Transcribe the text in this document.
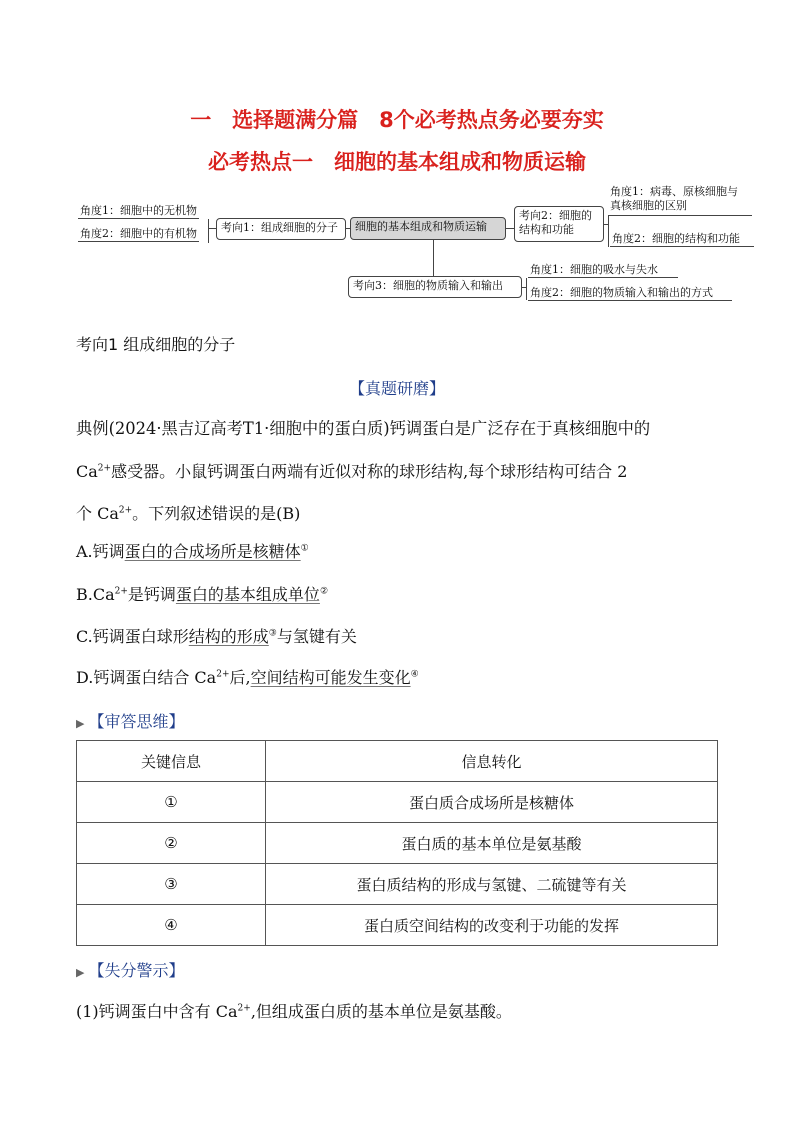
一　选择题满分篇　8个必考热点务必要夯实
必考热点一　细胞的基本组成和物质运输
角度1：细胞中的无机物
角度2：细胞中的有机物	考向1：组成细胞的分子	细胞的基本组成和物质运输
考向2：细胞的
结构和功能
角度1：病毒、原核细胞与
真核细胞的区别
角度2：细胞的结构和功能
考向3：细胞的物质输入和输出
角度1：细胞的吸水与失水
角度2：细胞的物质输入和输出的方式
考向1 组成细胞的分子
【真题研磨】
典例(2024·黑吉辽高考T1·细胞中的蛋白质)钙调蛋白是广泛存在于真核细胞中的
$Ca^{2+}$感受器。小鼠钙调蛋白两端有近似对称的球形结构,每个球形结构可结合 2
个 $Ca^{2+}$。下列叙述错误的是(B)
A.钙调蛋白的合成场所是核糖体①
$B.Ca^{2+}$是钙调蛋白的基本组成单位②
C.钙调蛋白球形结构的形成③与氢键有关
D.钙调蛋白结合 $Ca^{2+}$后,空间结构可能发生变化④
▶ 【审答思维】
关键信息	信息转化
①	蛋白质合成场所是核糖体
②	蛋白质的基本单位是氨基酸
③	蛋白质结构的形成与氢键、二硫键等有关
④	蛋白质空间结构的改变利于功能的发挥
▶ 【失分警示】
(1)钙调蛋白中含有 $Ca^{2+}$,但组成蛋白质的基本单位是氨基酸。
